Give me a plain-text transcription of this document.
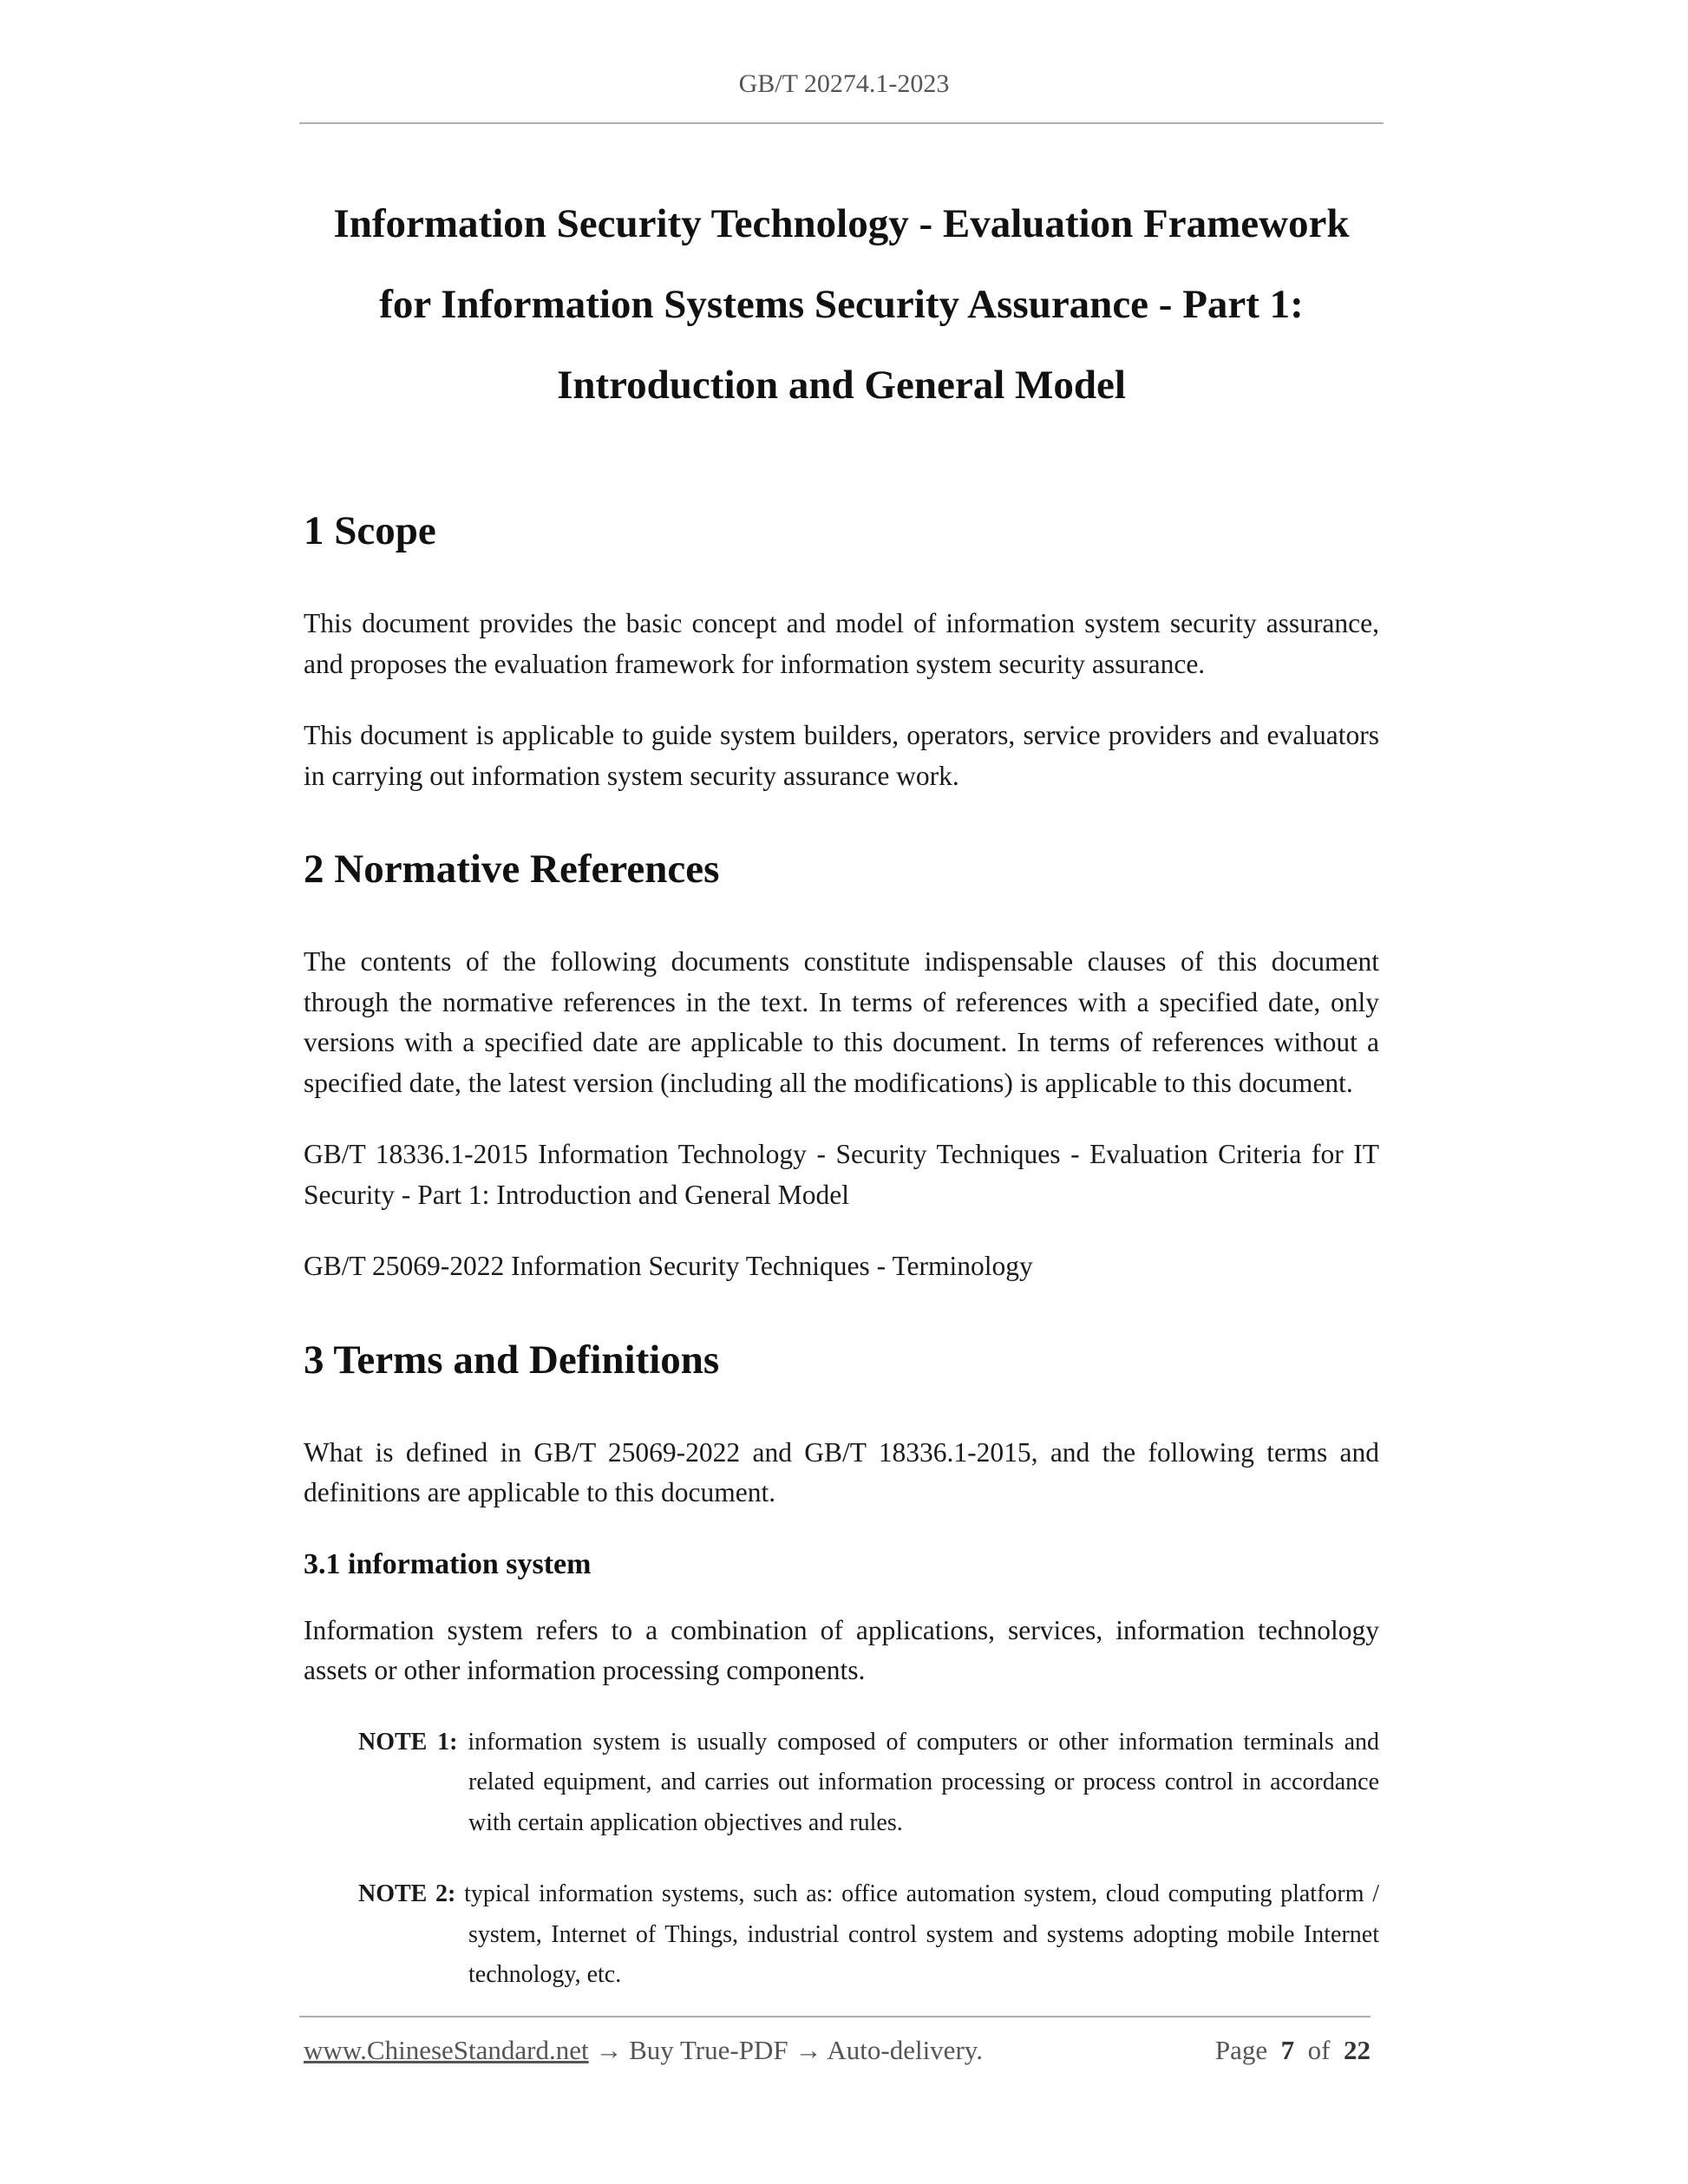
GB/T 20274.1-2023
Information Security Technology - Evaluation Framework
for Information Systems Security Assurance - Part 1:
Introduction and General Model
1 Scope

This document provides the basic concept and model of information system security assurance, and proposes the evaluation framework for information system security assurance.

This document is applicable to guide system builders, operators, service providers and evaluators in carrying out information system security assurance work.

2 Normative References

The contents of the following documents constitute indispensable clauses of this document through the normative references in the text. In terms of references with a specified date, only versions with a specified date are applicable to this document. In terms of references without a specified date, the latest version (including all the modifications) is applicable to this document.

GB/T 18336.1-2015 Information Technology - Security Techniques - Evaluation Criteria for IT Security - Part 1: Introduction and General Model

GB/T 25069-2022 Information Security Techniques - Terminology

3 Terms and Definitions

What is defined in GB/T 25069-2022 and GB/T 18336.1-2015, and the following terms and definitions are applicable to this document.

3.1 information system

Information system refers to a combination of applications, services, information technology assets or other information processing components.

NOTE 1: information system is usually composed of computers or other information terminals and related equipment, and carries out information processing or process control in accordance with certain application objectives and rules.
NOTE 2: typical information systems, such as: office automation system, cloud computing platform / system, Internet of Things, industrial control system and systems adopting mobile Internet technology, etc.
www.ChineseStandard.net → Buy True-PDF → Auto-delivery.	Page 7 of 22
